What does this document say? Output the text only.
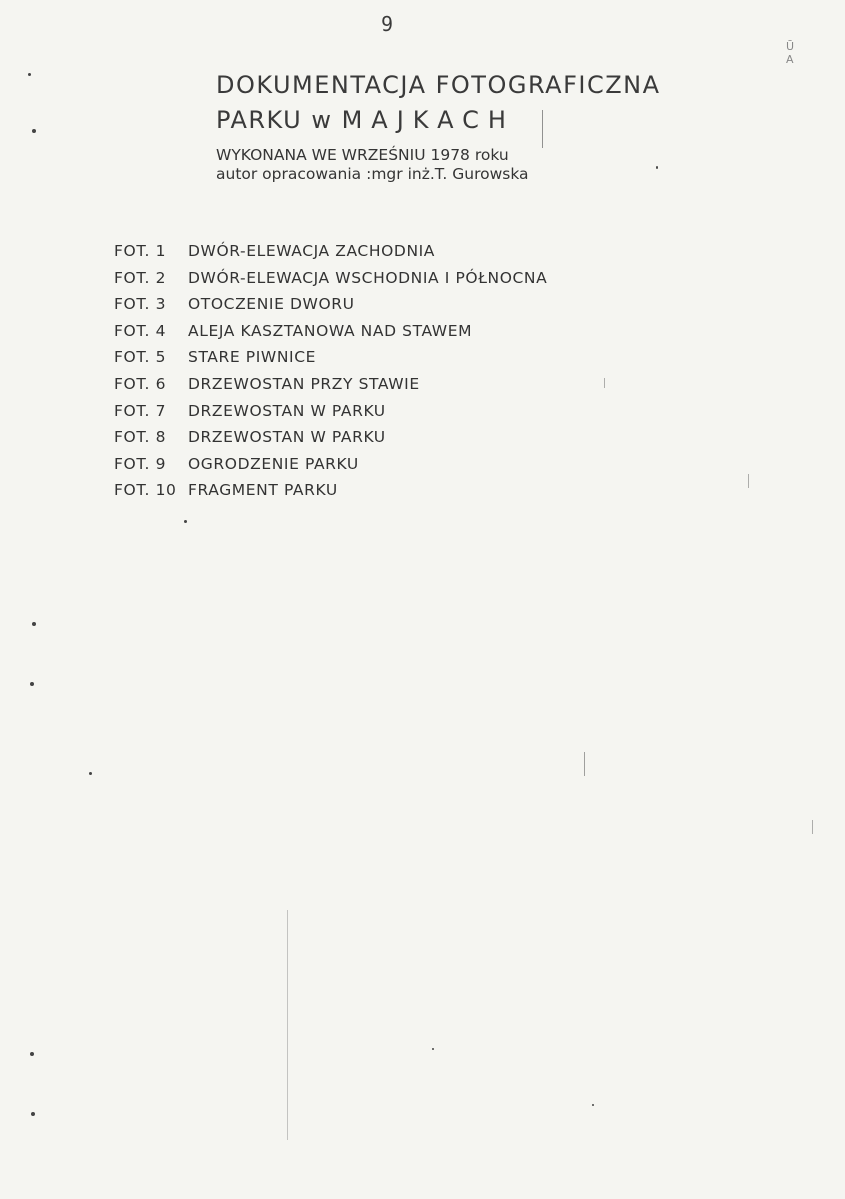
9
Ū A
DOKUMENTACJA FOTOGRAFICZNA
PARKU w MAJKACH
WYKONANA WE WRZEŚNIU 1978 roku
autor opracowania :mgr inż.T. Gurowska
FOT. 1	DWÓR-ELEWACJA ZACHODNIA
FOT. 2	DWÓR-ELEWACJA WSCHODNIA I PÓŁNOCNA
FOT. 3	OTOCZENIE DWORU
FOT. 4	ALEJA KASZTANOWA NAD STAWEM
FOT. 5	STARE PIWNICE
FOT. 6	DRZEWOSTAN PRZY STAWIE
FOT. 7	DRZEWOSTAN W PARKU
FOT. 8	DRZEWOSTAN W PARKU
FOT. 9	OGRODZENIE PARKU
FOT. 10 FRAGMENT PARKU
